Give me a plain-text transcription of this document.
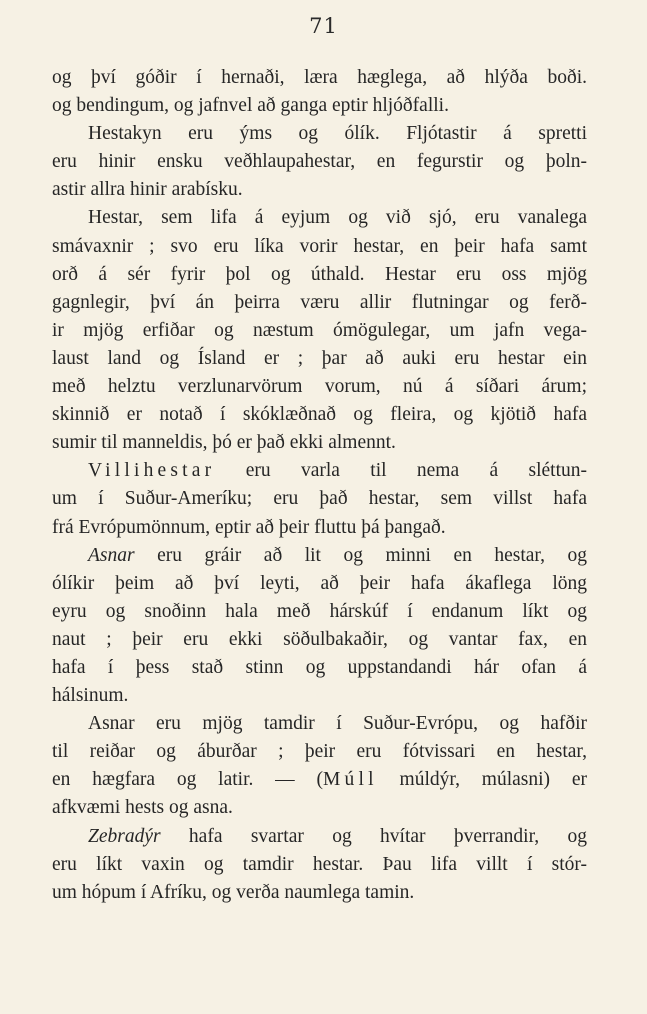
71
og því góðir í hernaði, læra hæglega, að hlýða boði.
og bendingum, og jafnvel að ganga eptir hljóðfalli.
Hestakyn eru ýms og ólík. Fljótastir á spretti
eru hinir ensku veðhlaupahestar, en fegurstir og þoln-
astir allra hinir arabísku.
Hestar, sem lifa á eyjum og við sjó, eru vanalega
smávaxnir ; svo eru líka vorir hestar, en þeir hafa samt
orð á sér fyrir þol og úthald. Hestar eru oss mjög
gagnlegir, því án þeirra væru allir flutningar og ferð-
ir mjög erfiðar og næstum ómögulegar, um jafn vega-
laust land og Ísland er ; þar að auki eru hestar ein
með helztu verzlunarvörum vorum, nú á síðari árum;
skinnið er notað í skóklæðnað og fleira, og kjötið hafa
sumir til manneldis, þó er það ekki almennt.
Villihestar eru varla til nema á sléttun-
um í Suður-Ameríku; eru það hestar, sem villst hafa
frá Evrópumönnum, eptir að þeir fluttu þá þangað.
Asnar eru gráir að lit og minni en hestar, og
ólíkir þeim að því leyti, að þeir hafa ákaflega löng
eyru og snoðinn hala með hárskúf í endanum líkt og
naut ; þeir eru ekki söðulbakaðir, og vantar fax, en
hafa í þess stað stinn og uppstandandi hár ofan á
hálsinum.
Asnar eru mjög tamdir í Suður-Evrópu, og hafðir
til reiðar og áburðar ; þeir eru fótvissari en hestar,
en hægfara og latir. — (Múll múldýr, múlasni) er
afkvæmi hests og asna.
Zebradýr hafa svartar og hvítar þverrandir, og
eru líkt vaxin og tamdir hestar. Þau lifa villt í stór-
um hópum í Afríku, og verða naumlega tamin.
